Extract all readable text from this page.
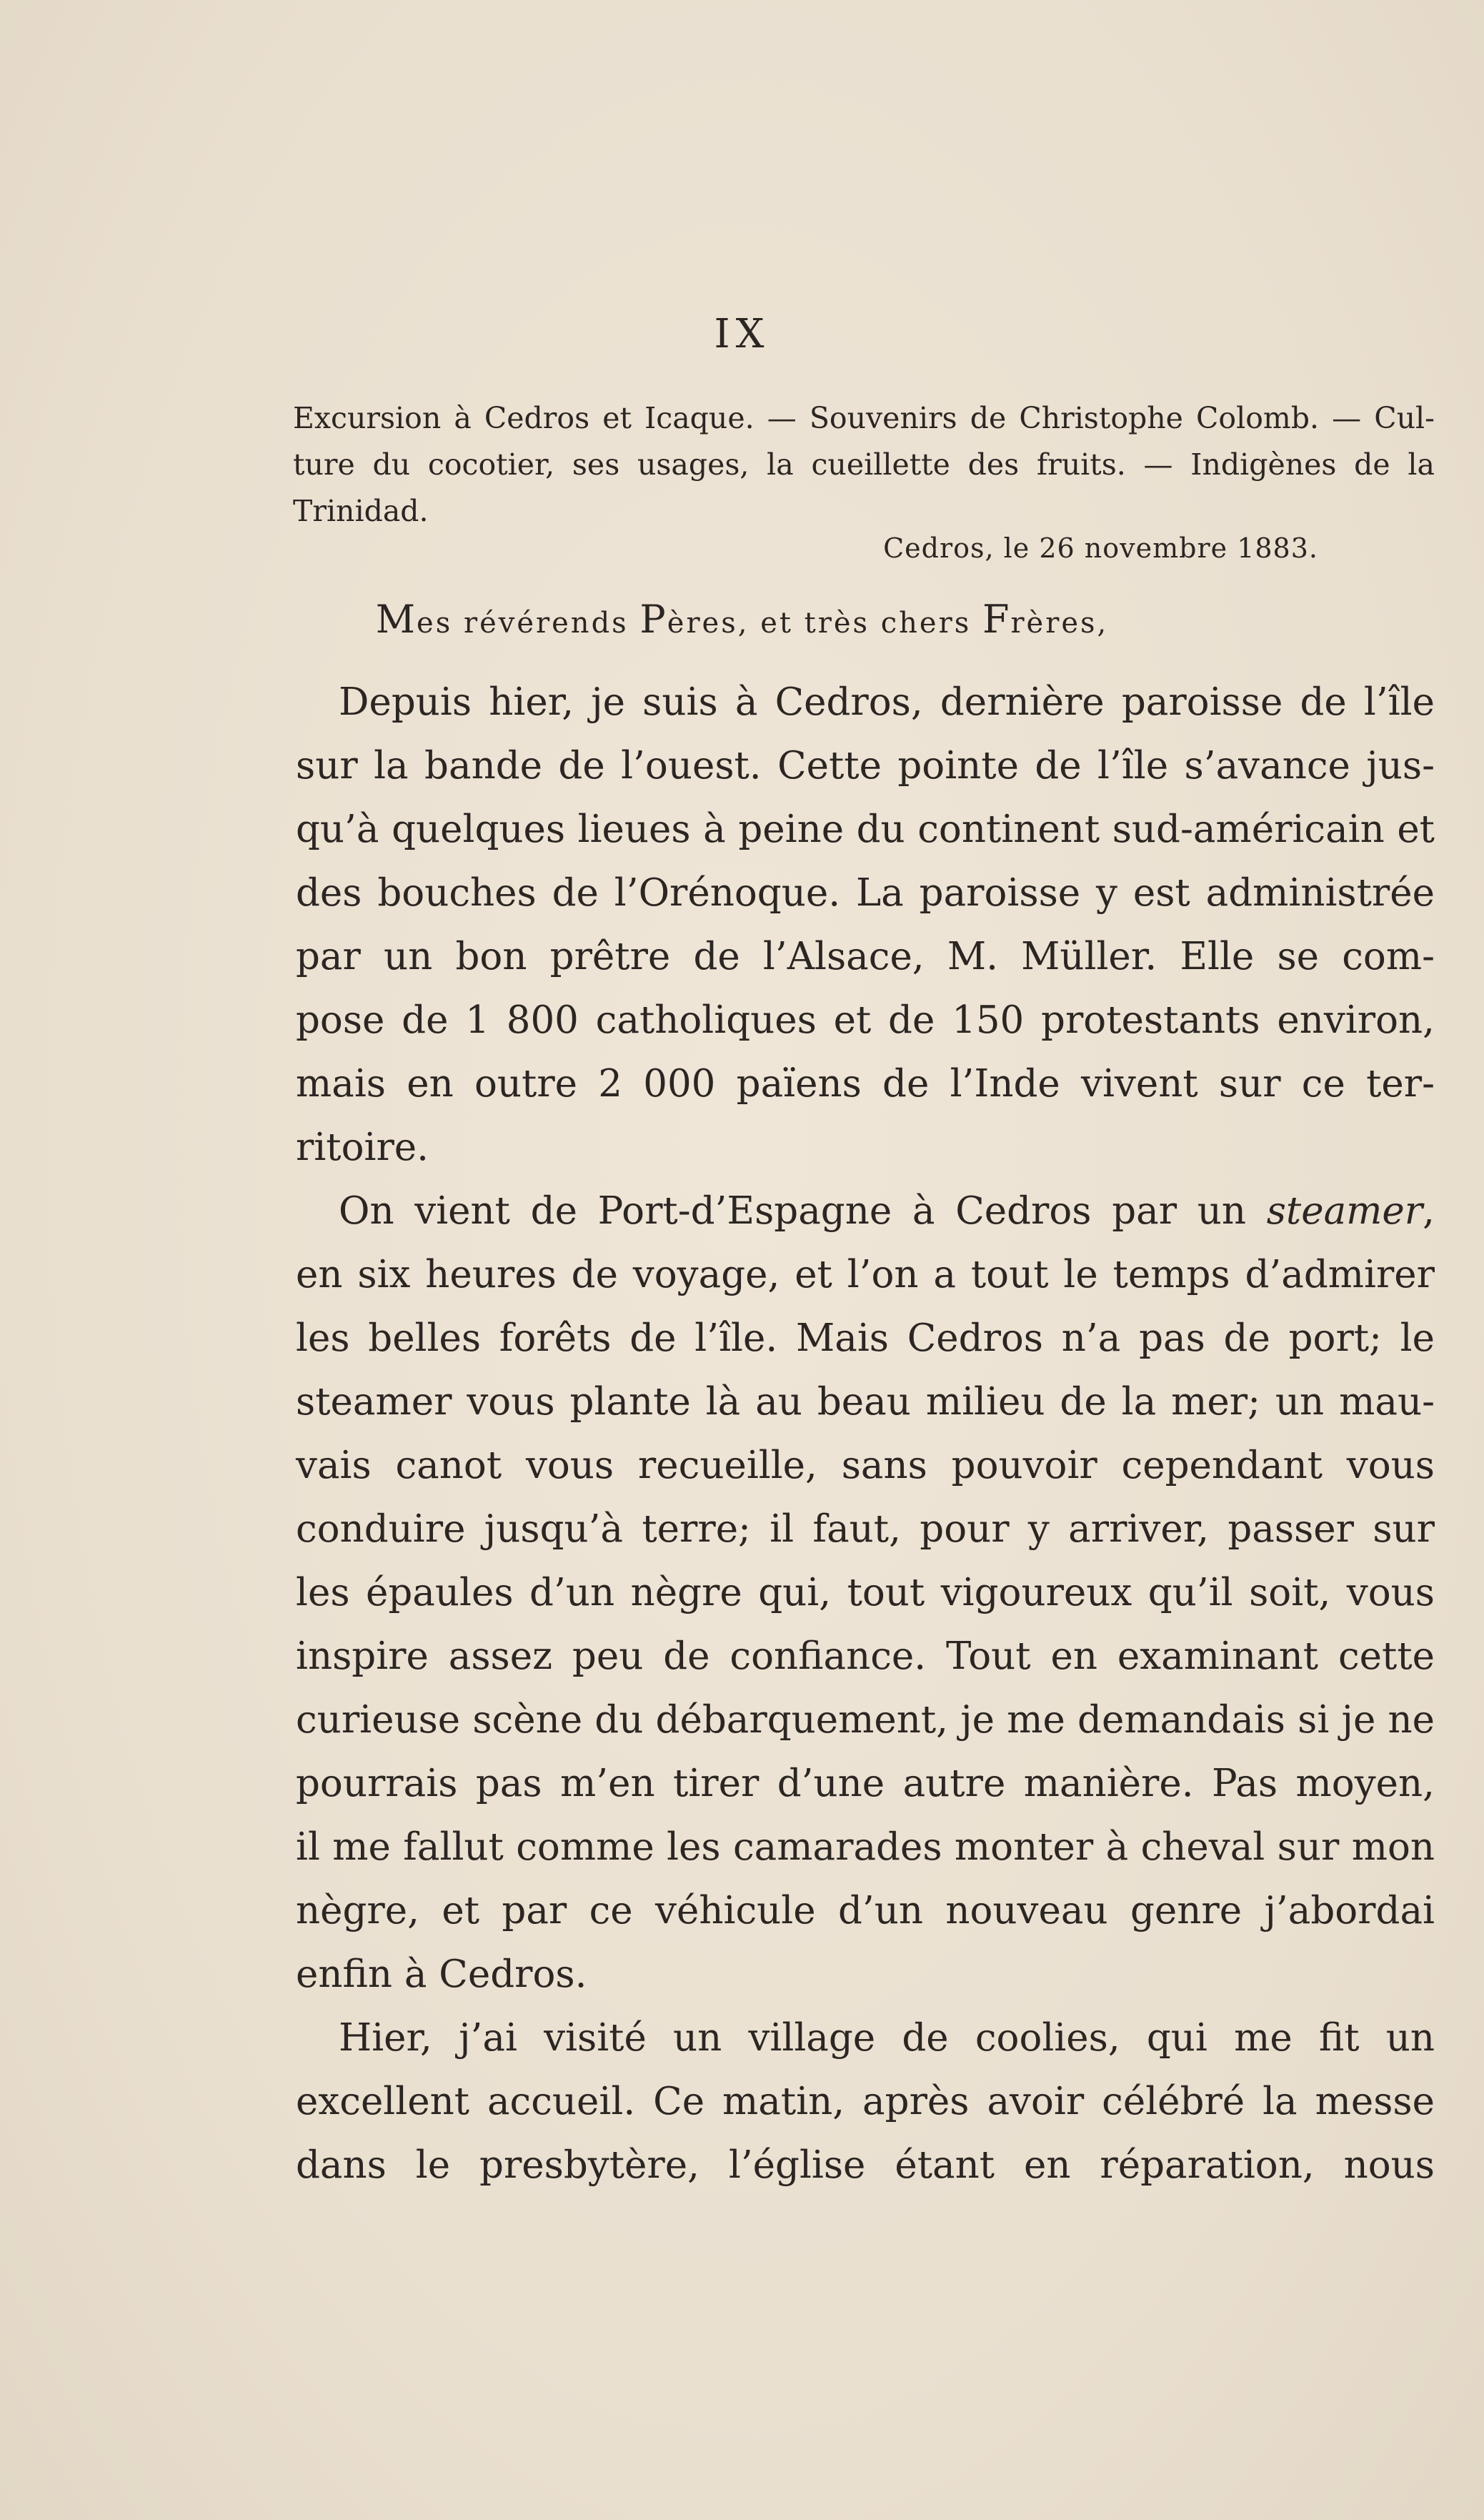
IX
Excursion à Cedros et Icaque. — Souvenirs de Christophe Colomb. — Cul-
ture du cocotier, ses usages, la cueillette des fruits. — Indigènes de la
Trinidad.
Cedros, le 26 novembre 1883.
Mes révérends Pères, et très chers Frères,
Depuis hier, je suis à Cedros, dernière paroisse de l’île
sur la bande de l’ouest. Cette pointe de l’île s’avance jus-
qu’à quelques lieues à peine du continent sud-américain et
des bouches de l’Orénoque. La paroisse y est administrée
par un bon prêtre de l’Alsace, M. Müller. Elle se com-
pose de 1 800 catholiques et de 150 protestants environ,
mais en outre 2 000 païens de l’Inde vivent sur ce ter-
ritoire.
On vient de Port-d’Espagne à Cedros par un steamer,
en six heures de voyage, et l’on a tout le temps d’admirer
les belles forêts de l’île. Mais Cedros n’a pas de port; le
steamer vous plante là au beau milieu de la mer; un mau-
vais canot vous recueille, sans pouvoir cependant vous
conduire jusqu’à terre; il faut, pour y arriver, passer sur
les épaules d’un nègre qui, tout vigoureux qu’il soit, vous
inspire assez peu de confiance. Tout en examinant cette
curieuse scène du débarquement, je me demandais si je ne
pourrais pas m’en tirer d’une autre manière. Pas moyen,
il me fallut comme les camarades monter à cheval sur mon
nègre, et par ce véhicule d’un nouveau genre j’abordai
enfin à Cedros.
Hier, j’ai visité un village de coolies, qui me fit un
excellent accueil. Ce matin, après avoir célébré la messe
dans le presbytère, l’église étant en réparation, nous
